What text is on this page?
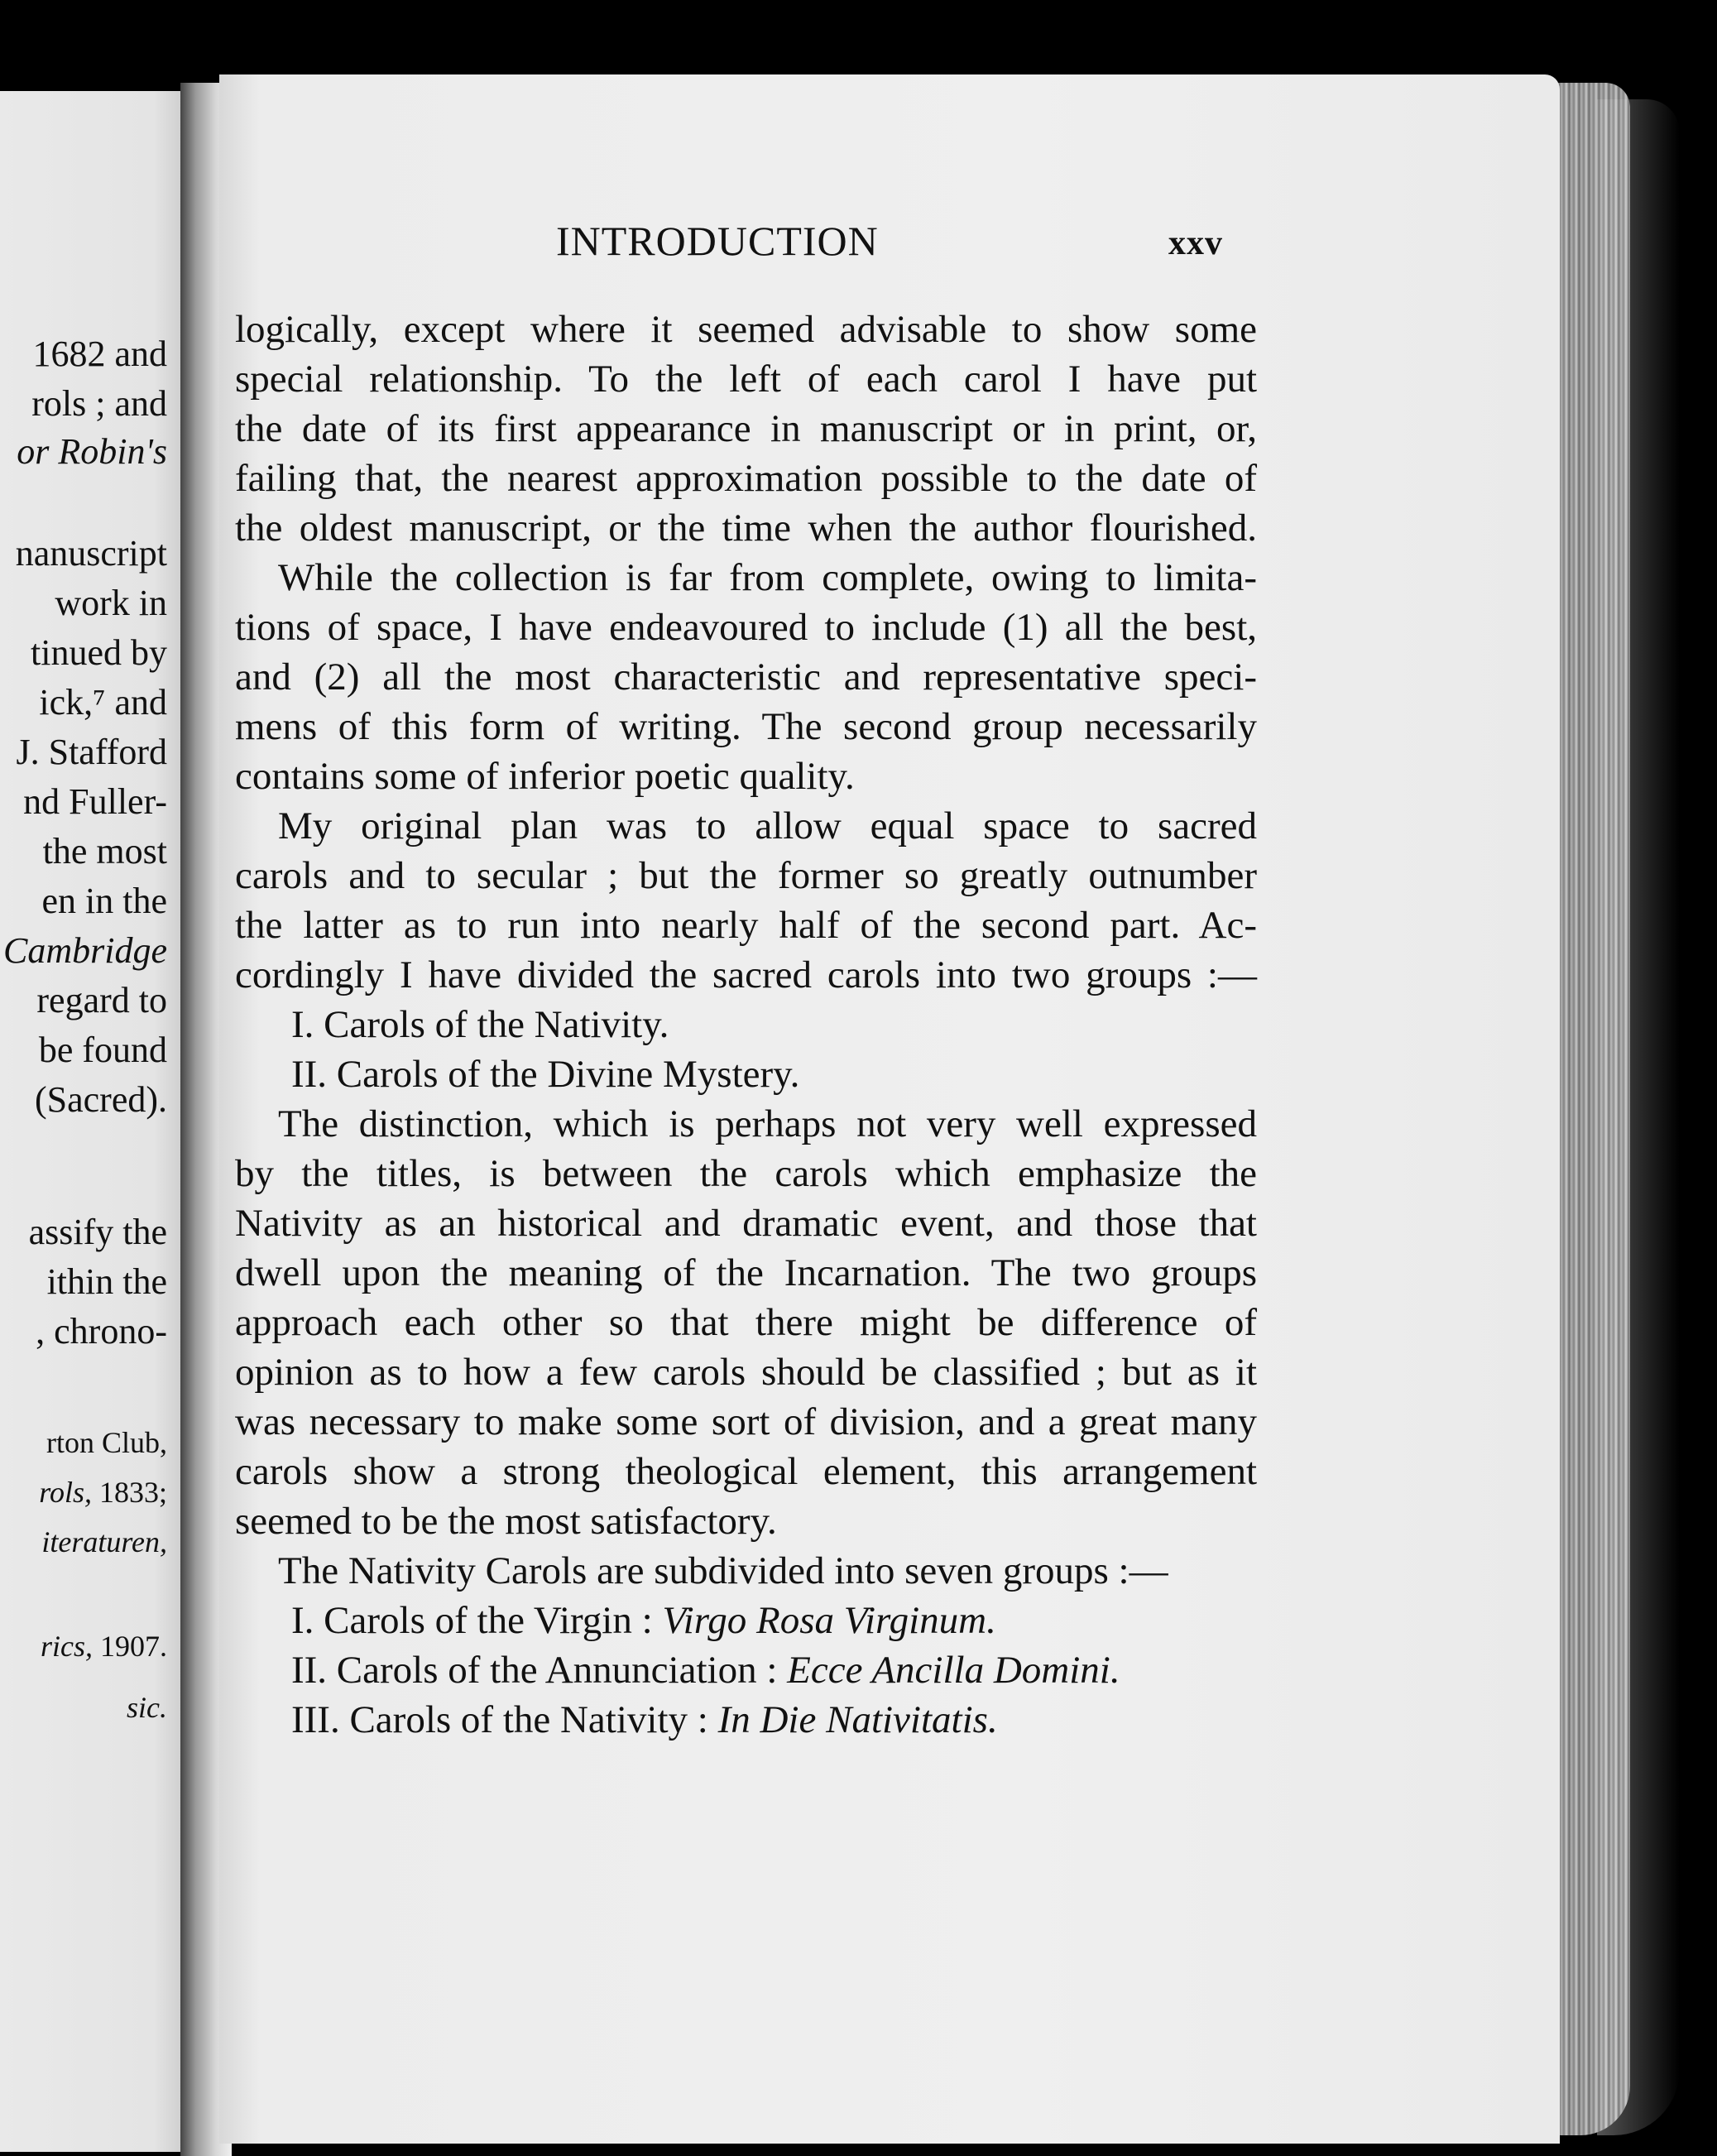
1682 and
rols ; and
or Robin's
nanuscript
work in
tinued by
ick,⁷ and
J. Stafford
nd Fuller-
the most
en in the
Cambridge
regard to
be found
(Sacred).
assify the
ithin the
, chrono-
rton Club,
rols, 1833;
iteraturen,
rics, 1907.
sic.
INTRODUCTION	xxv
logically, except where it seemed advisable to show some
special relationship. To the left of each carol I have put
the date of its first appearance in manuscript or in print, or,
failing that, the nearest approximation possible to the date of
the oldest manuscript, or the time when the author flourished.
While the collection is far from complete, owing to limita-
tions of space, I have endeavoured to include (1) all the best,
and (2) all the most characteristic and representative speci-
mens of this form of writing. The second group necessarily
contains some of inferior poetic quality.
My original plan was to allow equal space to sacred
carols and to secular ; but the former so greatly outnumber
the latter as to run into nearly half of the second part. Ac-
cordingly I have divided the sacred carols into two groups :—
I. Carols of the Nativity.
II. Carols of the Divine Mystery.
The distinction, which is perhaps not very well expressed
by the titles, is between the carols which emphasize the
Nativity as an historical and dramatic event, and those that
dwell upon the meaning of the Incarnation. The two groups
approach each other so that there might be difference of
opinion as to how a few carols should be classified ; but as it
was necessary to make some sort of division, and a great many
carols show a strong theological element, this arrangement
seemed to be the most satisfactory.
The Nativity Carols are subdivided into seven groups :—
I. Carols of the Virgin : Virgo Rosa Virginum.
II. Carols of the Annunciation : Ecce Ancilla Domini.
III. Carols of the Nativity : In Die Nativitatis.
